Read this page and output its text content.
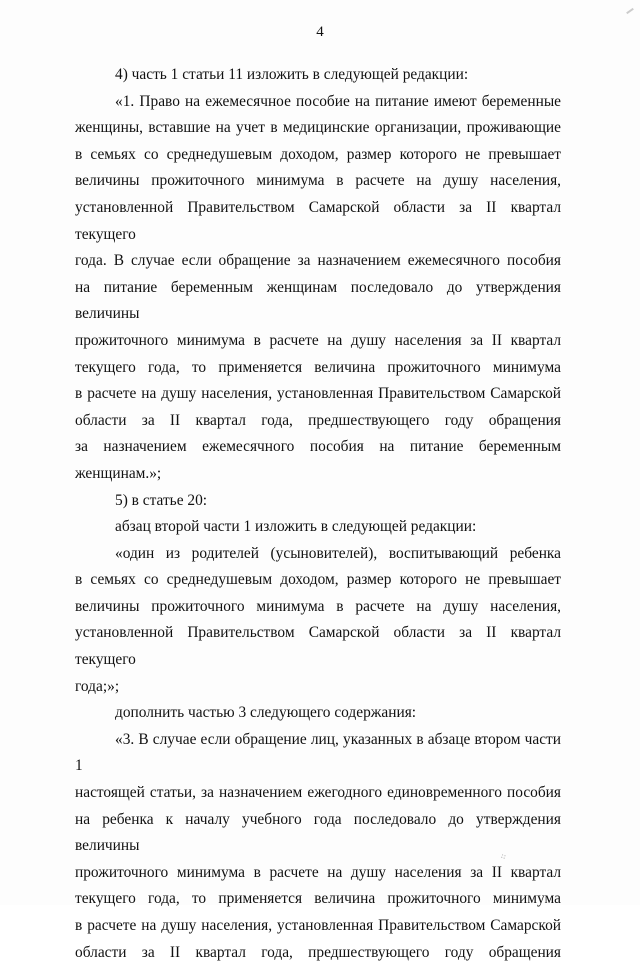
4

4) часть 1 статьи 11 изложить в следующей редакции:

«1. Право на ежемесячное пособие на питание имеют беременные

женщины, вставшие на учет в медицинские организации, проживающие

в семьях со среднедушевым доходом, размер которого не превышает

величины прожиточного минимума в расчете на душу населения,

установленной Правительством Самарской области за II квартал текущего

года. В случае если обращение за назначением ежемесячного пособия

на питание беременным женщинам последовало до утверждения величины

прожиточного минимума в расчете на душу населения за II квартал

текущего года, то применяется величина прожиточного минимума

в расчете на душу населения, установленная Правительством Самарской

области за II квартал года, предшествующего году обращения

за назначением ежемесячного пособия на питание беременным

женщинам.»;

5) в статье 20:

абзац второй части 1 изложить в следующей редакции:

«один из родителей (усыновителей), воспитывающий ребенка

в семьях со среднедушевым доходом, размер которого не превышает

величины прожиточного минимума в расчете на душу населения,

установленной Правительством Самарской области за II квартал текущего

года;»;

дополнить частью 3 следующего содержания:

«3. В случае если обращение лиц, указанных в абзаце втором части 1

настоящей статьи, за назначением ежегодного единовременного пособия

на ребенка к началу учебного года последовало до утверждения величины

прожиточного минимума в расчете на душу населения за II квартал

текущего года, то применяется величина прожиточного минимума

в расчете на душу населения, установленная Правительством Самарской

области за II квартал года, предшествующего году обращения

⁘
